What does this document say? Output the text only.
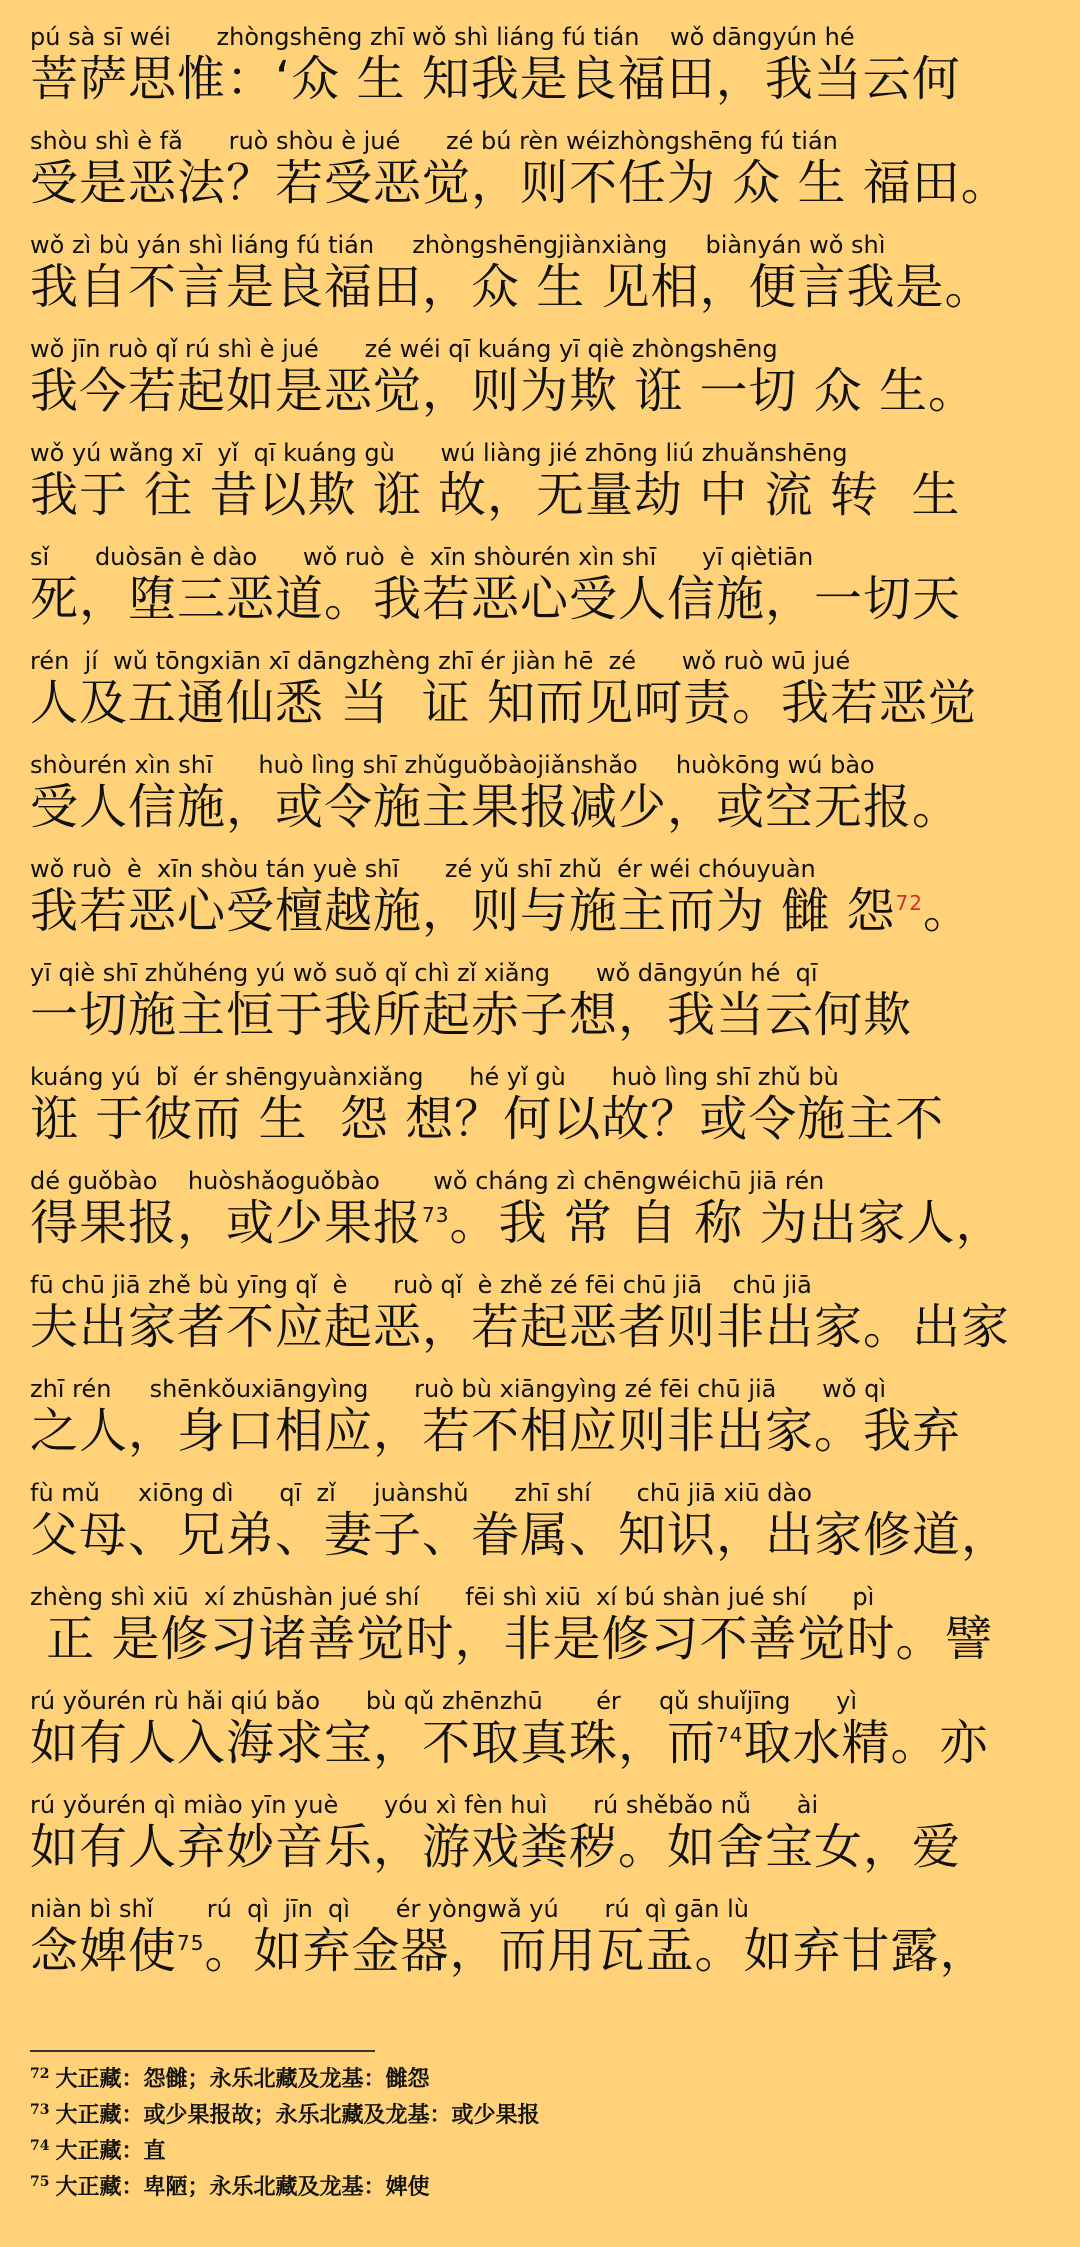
pú sà sī wéi      zhòngshēng zhī wǒ shì liáng fú tián    wǒ dāngyún hé
菩萨思惟：‘众 生 知我是良福田，我当云何
shòu shì è fǎ      ruò shòu è jué      zé bú rèn wéizhòngshēng fú tián
受是恶法？若受恶觉，则不任为 众 生 福田。
wǒ zì bù yán shì liáng fú tián     zhòngshēngjiànxiàng     biànyán wǒ shì
我自不言是良福田，众 生 见相，便言我是。
wǒ jīn ruò qǐ rú shì è jué      zé wéi qī kuáng yī qiè zhòngshēng
我今若起如是恶觉，则为欺 诳 一切 众 生。
wǒ yú wǎng xī  yǐ  qī kuáng gù      wú liàng jié zhōng liú zhuǎnshēng
我于 往 昔以欺 诳 故，无量劫 中 流 转  生
sǐ      duòsān è dào      wǒ ruò  è  xīn shòurén xìn shī      yī qiètiān
死，堕三恶道。我若恶心受人信施，一切天
rén  jí  wǔ tōngxiān xī dāngzhèng zhī ér jiàn hē  zé      wǒ ruò wū jué
人及五通仙悉 当  证 知而见呵责。我若恶觉
shòurén xìn shī      huò lìng shī zhǔguǒbàojiǎnshǎo     huòkōng wú bào
受人信施，或令施主果报减少，或空无报。
wǒ ruò  è  xīn shòu tán yuè shī      zé yǔ shī zhǔ  ér wéi chóuyuàn
我若恶心受檀越施，则与施主而为 雠 怨$^{72}$。
yī qiè shī zhǔhéng yú wǒ suǒ qǐ chì zǐ xiǎng      wǒ dāngyún hé  qī
一切施主恒于我所起赤子想，我当云何欺
kuáng yú  bǐ  ér shēngyuànxiǎng      hé yǐ gù      huò lìng shī zhǔ bù
诳 于彼而 生  怨 想？何以故？或令施主不
dé guǒbào    huòshǎoguǒbào       wǒ cháng zì chēngwéichū jiā rén
得果报，或少果报$^{73}$。我 常 自 称 为出家人，
fū chū jiā zhě bù yīng qǐ  è      ruò qǐ  è zhě zé fēi chū jiā    chū jiā
夫出家者不应起恶，若起恶者则非出家。出家
zhī rén     shēnkǒuxiāngyìng      ruò bù xiāngyìng zé fēi chū jiā      wǒ qì
之人，身口相应，若不相应则非出家。我弃
fù mǔ     xiōng dì      qī  zǐ     juànshǔ      zhī shí      chū jiā xiū dào
父母、兄弟、妻子、眷属、知识，出家修道，
zhèng shì xiū  xí zhūshàn jué shí      fēi shì xiū  xí bú shàn jué shí      pì
正 是修习诸善觉时，非是修习不善觉时。譬
rú yǒurén rù hǎi qiú bǎo      bù qǔ zhēnzhū       ér     qǔ shuǐjīng      yì
如有人入海求宝，不取真珠，而$^{74}$取水精。亦
rú yǒurén qì miào yīn yuè      yóu xì fèn huì      rú shěbǎo nǚ      ài
如有人弃妙音乐，游戏粪秽。如舍宝女，爱
niàn bì shǐ       rú  qì  jīn  qì      ér yòngwǎ yú      rú  qì gān lù
念婢使$^{75}$。如弃金器，而用瓦盂。如弃甘露，
$^{72}$ 大正藏：怨雠；永乐北藏及龙基：雠怨
$^{73}$ 大正藏：或少果报故；永乐北藏及龙基：或少果报
$^{74}$ 大正藏：直
$^{75}$ 大正藏：卑陋；永乐北藏及龙基：婢使
